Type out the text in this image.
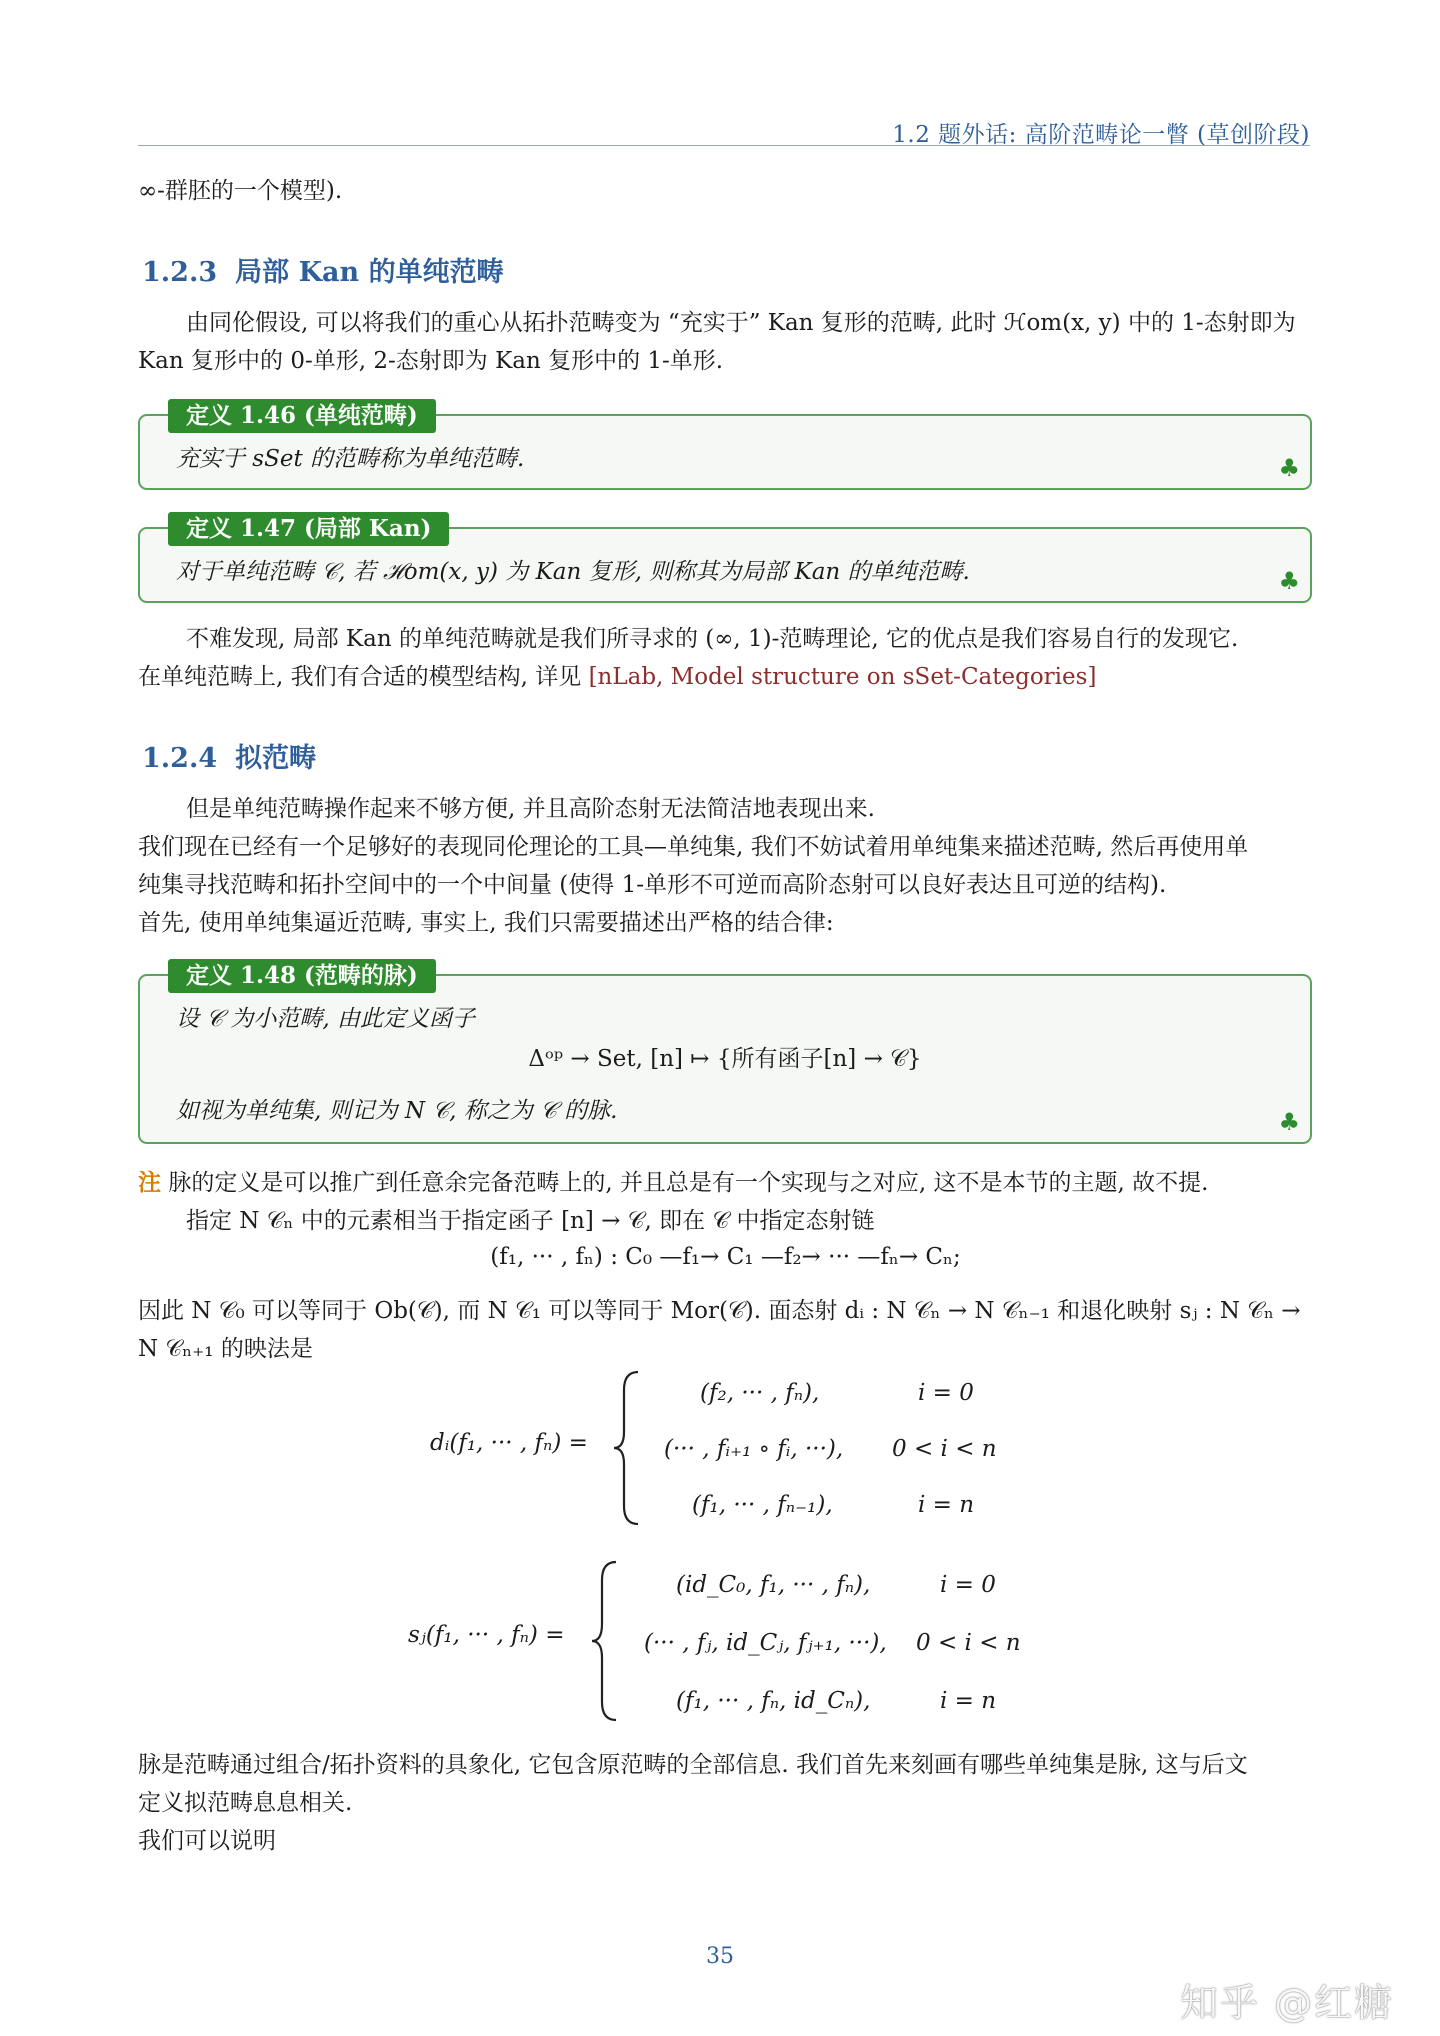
1.2 题外话: 高阶范畴论一瞥 (草创阶段)
∞-群胚的一个模型).
1.2.3 局部 Kan 的单纯范畴
由同伦假设, 可以将我们的重心从拓扑范畴变为 “充实于” Kan 复形的范畴, 此时 ℋom(x, y) 中的 1-态射即为
Kan 复形中的 0-单形, 2-态射即为 Kan 复形中的 1-单形.
定义 1.46 (单纯范畴)
充实于 sSet 的范畴称为单纯范畴.	♣
定义 1.47 (局部 Kan)
对于单纯范畴 𝒞, 若 ℋom(x, y) 为 Kan 复形, 则称其为局部 Kan 的单纯范畴.	♣
不难发现, 局部 Kan 的单纯范畴就是我们所寻求的 (∞, 1)-范畴理论, 它的优点是我们容易自行的发现它.
在单纯范畴上, 我们有合适的模型结构, 详见 [nLab, Model structure on sSet-Categories]
1.2.4 拟范畴
但是单纯范畴操作起来不够方便, 并且高阶态射无法简洁地表现出来.
我们现在已经有一个足够好的表现同伦理论的工具—单纯集, 我们不妨试着用单纯集来描述范畴, 然后再使用单
纯集寻找范畴和拓扑空间中的一个中间量 (使得 1-单形不可逆而高阶态射可以良好表达且可逆的结构).
首先, 使用单纯集逼近范畴, 事实上, 我们只需要描述出严格的结合律:
定义 1.48 (范畴的脉)
设 𝒞 为小范畴, 由此定义函子
Δᵒᵖ → Set, [n] ↦ {所有函子[n] → 𝒞}
如视为单纯集, 则记为 N 𝒞, 称之为 𝒞 的脉.	♣
注 脉的定义是可以推广到任意余完备范畴上的, 并且总是有一个实现与之对应, 这不是本节的主题, 故不提.
指定 N 𝒞ₙ 中的元素相当于指定函子 [n] → 𝒞, 即在 𝒞 中指定态射链
(f₁, ··· , fₙ) : C₀ —f₁→ C₁ —f₂→ ··· —fₙ→ Cₙ;
因此 N 𝒞₀ 可以等同于 Ob(𝒞), 而 N 𝒞₁ 可以等同于 Mor(𝒞). 面态射 dᵢ : N 𝒞ₙ → N 𝒞ₙ₋₁ 和退化映射 sⱼ : N 𝒞ₙ →
N 𝒞ₙ₊₁ 的映法是
dᵢ(f₁, ··· , fₙ) =
(f₂, ··· , fₙ),	i = 0
(··· , fᵢ₊₁ ∘ fᵢ, ···), 0 < i < n
(f₁, ··· , fₙ₋₁),	i = n
sⱼ(f₁, ··· , fₙ) =
(id_C₀, f₁, ··· , fₙ),	i = 0
(··· , fⱼ, id_Cⱼ, fⱼ₊₁, ···), 0 < i < n
(f₁, ··· , fₙ, id_Cₙ),	i = n
脉是范畴通过组合/拓扑资料的具象化, 它包含原范畴的全部信息. 我们首先来刻画有哪些单纯集是脉, 这与后文
定义拟范畴息息相关.
我们可以说明
35
知乎 @红糖
